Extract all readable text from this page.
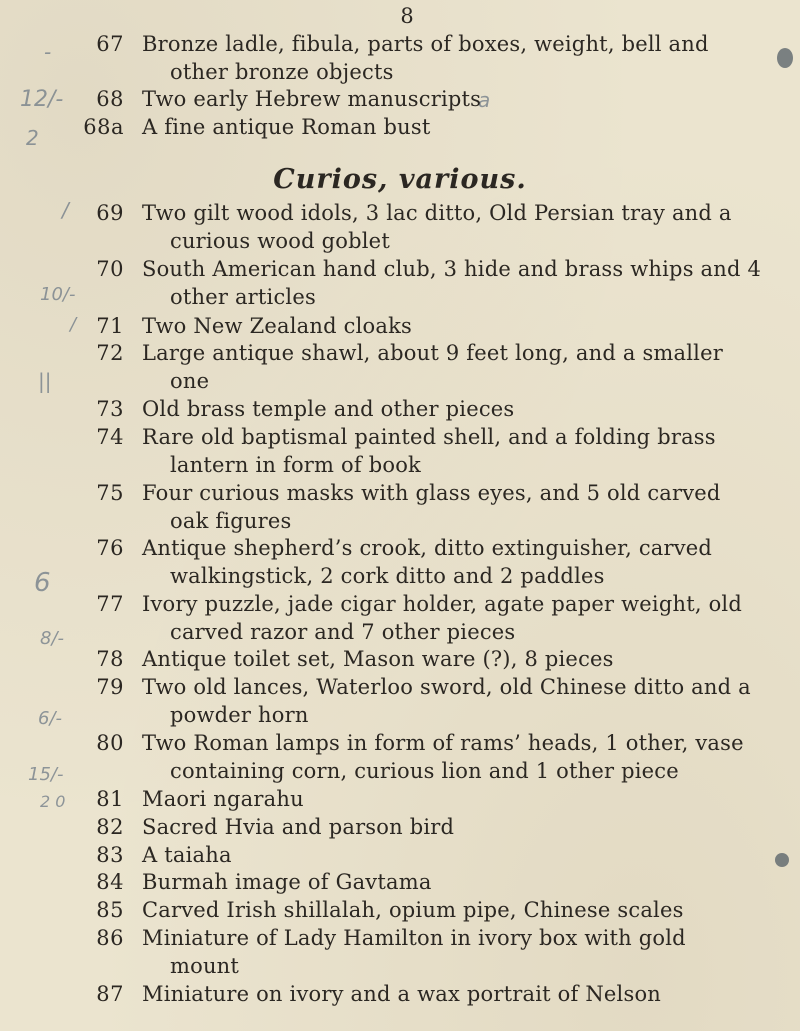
8
-
12/-
2
/
10/-
/
||
6
8/-
6/-
15/-
2 0
a
67 Bronze ladle, fibula, parts of boxes, weight, bell and
other bronze objects
68 Two early Hebrew manuscripts
68a A fine antique Roman bust
Curios, various.
69 Two gilt wood idols, 3 lac ditto, Old Persian tray and a
curious wood goblet
70 South American hand club, 3 hide and brass whips and 4
other articles
71 Two New Zealand cloaks
72 Large antique shawl, about 9 feet long, and a smaller
one
73 Old brass temple and other pieces
74 Rare old baptismal painted shell, and a folding brass
lantern in form of book
75 Four curious masks with glass eyes, and 5 old carved
oak figures
76 Antique shepherd’s crook, ditto extinguisher, carved
walkingstick, 2 cork ditto and 2 paddles
77 Ivory puzzle, jade cigar holder, agate paper weight, old
carved razor and 7 other pieces
78 Antique toilet set, Mason ware (?), 8 pieces
79 Two old lances, Waterloo sword, old Chinese ditto and a
powder horn
80 Two Roman lamps in form of rams’ heads, 1 other, vase
containing corn, curious lion and 1 other piece
81 Maori ngarahu
82 Sacred Hvia and parson bird
83 A taiaha
84 Burmah image of Gavtama
85 Carved Irish shillalah, opium pipe, Chinese scales
86 Miniature of Lady Hamilton in ivory box with gold
mount
87 Miniature on ivory and a wax portrait of Nelson
